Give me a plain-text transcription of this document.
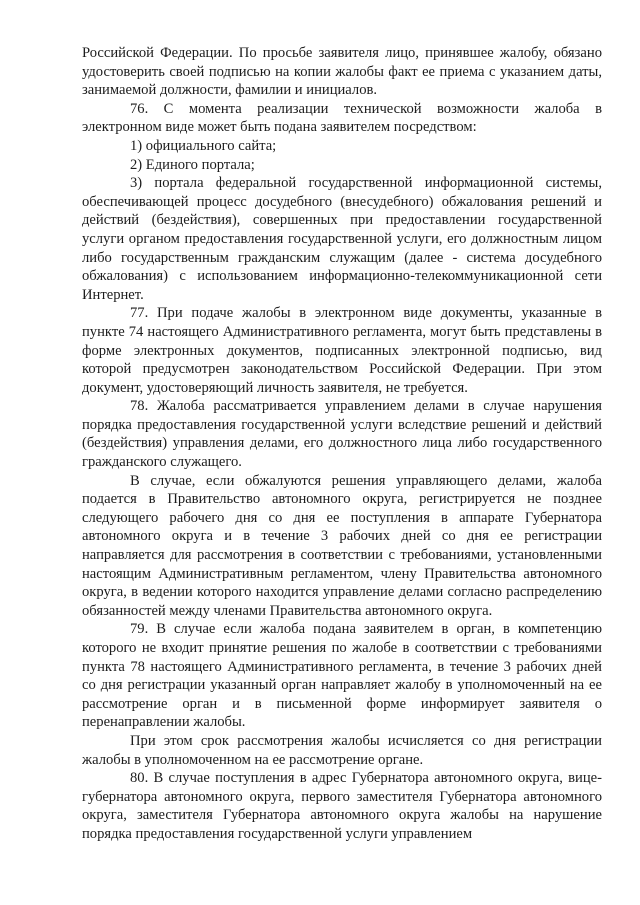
Российской Федерации. По просьбе заявителя лицо, принявшее жалобу, обязано удостоверить своей подписью на копии жалобы факт ее приема с указанием даты, занимаемой должности, фамилии и инициалов.

76. С момента реализации технической возможности жалоба в электронном виде может быть подана заявителем посредством:

1) официального сайта;

2) Единого портала;

3) портала федеральной государственной информационной системы, обеспечивающей процесс досудебного (внесудебного) обжалования решений и действий (бездействия), совершенных при предоставлении государственной услуги органом предоставления государственной услуги, его должностным лицом либо государственным гражданским служащим (далее - система досудебного обжалования) с использованием информационно-телекоммуникационной сети Интернет.

77. При подаче жалобы в электронном виде документы, указанные в пункте 74 настоящего Административного регламента, могут быть представлены в форме электронных документов, подписанных электронной подписью, вид которой предусмотрен законодательством Российской Федерации. При этом документ, удостоверяющий личность заявителя, не требуется.

78. Жалоба рассматривается управлением делами в случае нарушения порядка предоставления государственной услуги вследствие решений и действий (бездействия) управления делами, его должностного лица либо государственного гражданского служащего.

В случае, если обжалуются решения управляющего делами, жалоба подается в Правительство автономного округа, регистрируется не позднее следующего рабочего дня со дня ее поступления в аппарате Губернатора автономного округа и в течение 3 рабочих дней со дня ее регистрации направляется для рассмотрения в соответствии с требованиями, установленными настоящим Административным регламентом, члену Правительства автономного округа, в ведении которого находится управление делами согласно распределению обязанностей между членами Правительства автономного округа.

79. В случае если жалоба подана заявителем в орган, в компетенцию которого не входит принятие решения по жалобе в соответствии с требованиями пункта 78 настоящего Административного регламента, в течение 3 рабочих дней со дня регистрации указанный орган направляет жалобу в уполномоченный на ее рассмотрение орган и в письменной форме информирует заявителя о перенаправлении жалобы.

При этом срок рассмотрения жалобы исчисляется со дня регистрации жалобы в уполномоченном на ее рассмотрение органе.

80. В случае поступления в адрес Губернатора автономного округа, вице-губернатора автономного округа, первого заместителя Губернатора автономного округа, заместителя Губернатора автономного округа жалобы на нарушение порядка предоставления государственной услуги управлением
